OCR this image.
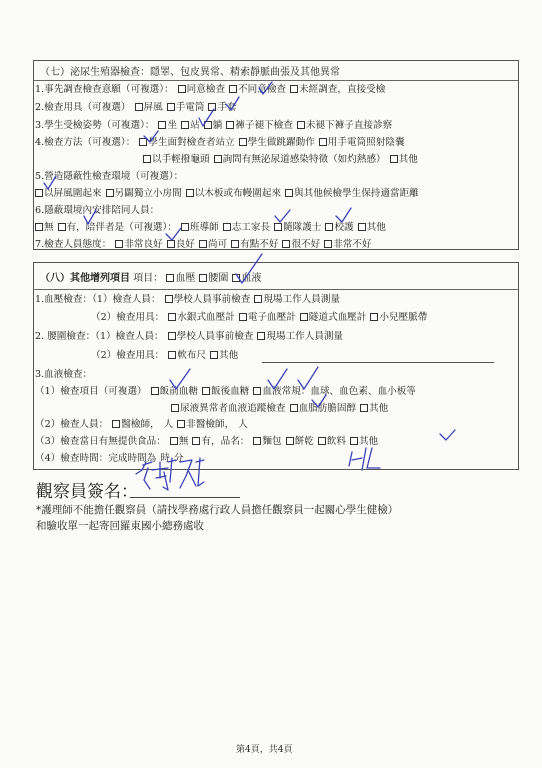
（七）泌尿生殖器檢查：隱睪、包皮異常、精索靜脈曲張及其他異常
1.事先調查檢查意願（可複選）： 同意檢查 不同意檢查 未經調查，直接受檢
2.檢查用具（可複選） 屏風 手電筒 手套
3.學生受檢姿勢（可複選）： 坐 站 躺 褲子褪下檢查 未褪下褲子直接診察
4.檢查方法（可複選）： 學生面對檢查者站立 學生做跳躍動作 用手電筒照射陰囊
以手輕撥龜頭 詢問有無泌尿道感染特徵（如灼熱感） 其他
5.營造隱蔽性檢查環境（可複選）：
以屏風圍起來 另闢獨立小房間 以木板或布幔圍起來 與其他候檢學生保持適當距離
6.隱蔽環境內安排陪同人員：
無 有，陪伴者是（可複選）： 班導師 志工家長 隨隊護士 校護 其他
7.檢查人員態度： 非常良好 良好 尚可 有點不好 很不好 非常不好
（八）其他增列項目 項目： 血壓 腰圍 血液
1.血壓檢查：（1）檢查人員： 學校人員事前檢查 現場工作人員測量
（2）檢查用具： 水銀式血壓計 電子血壓計 隧道式血壓計 小兒壓脈帶
2. 腰圍檢查：（1）檢查人員： 學校人員事前檢查 現場工作人員測量
（2）檢查用具： 軟布尺 其他
3.血液檢查：
（1）檢查項目（可複選） 飯前血糖 飯後血糖 血液常規：血球、血色素、血小板等
尿液異常者血液追蹤檢查 血脂肪膽固醇 其他
（2）檢查人員： 醫檢師， 人 非醫檢師， 人
（3）檢查當日有無提供食品： 無 有，品名： 麵包 餅乾 飲料 其他
（4）檢查時間：完成時間為 時 分
觀察員簽名：
*護理師不能擔任觀察員（請找學務處行政人員擔任觀察員一起關心學生健檢）
和驗收單一起寄回羅東國小總務處收
第4頁，共4頁
